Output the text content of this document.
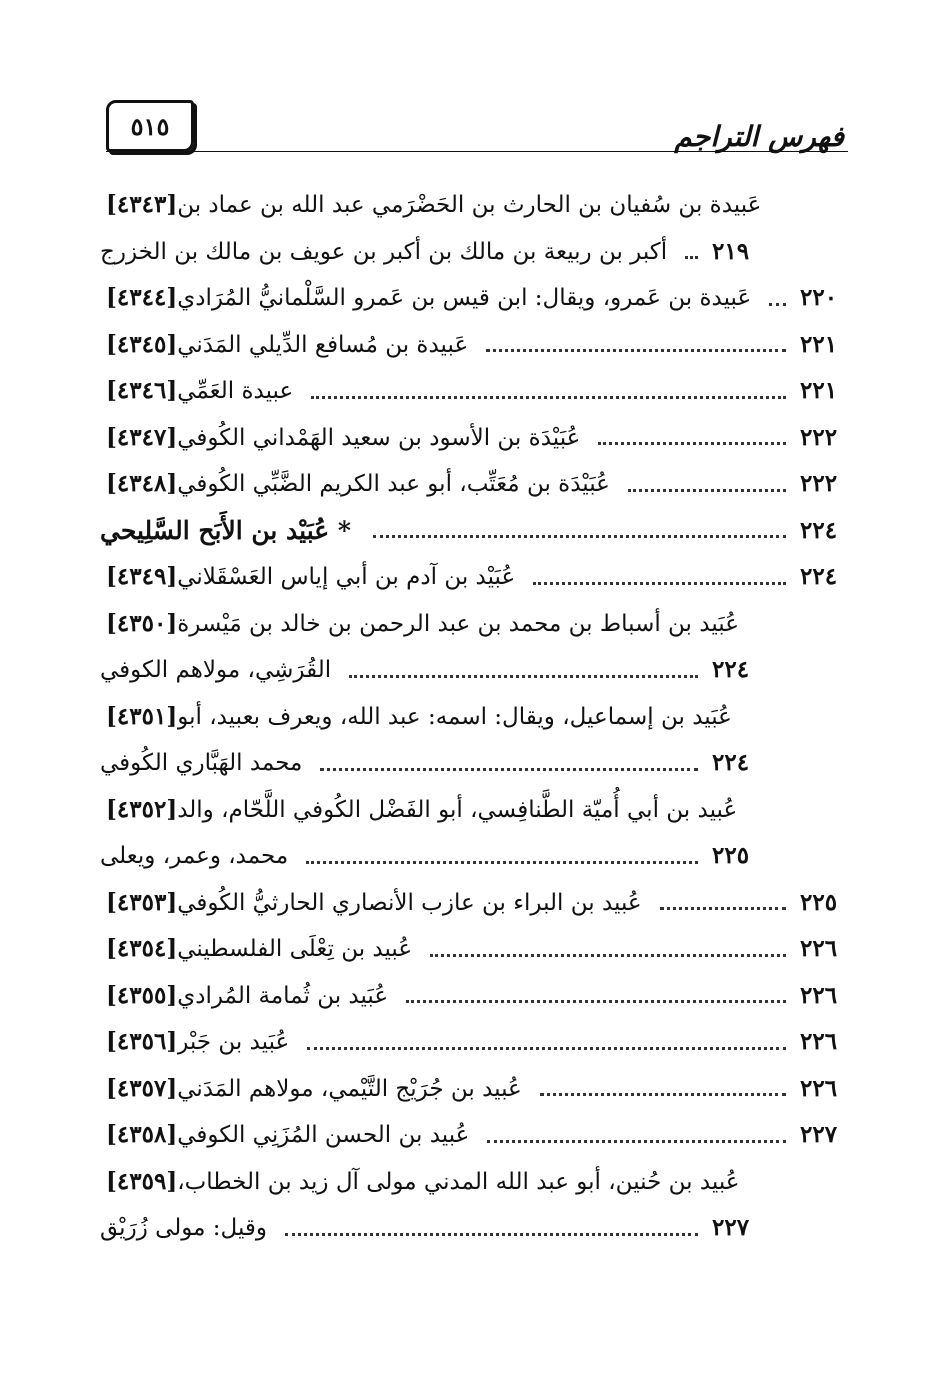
فهرس التراجم
٥١٥
[٤٣٤٣] عَبيدة بن سُفيان بن الحارث بن الحَضْرَمي عبد الله بن عماد بن
أكبر بن ربيعة بن مالك بن أكبر بن عويف بن مالك بن الخزرج ٢١٩
[٤٣٤٤] عَبيدة بن عَمرو، ويقال: ابن قيس بن عَمرو السَّلْمانيُّ المُرَادي ٢٢٠
[٤٣٤٥] عَبيدة بن مُسافع الدِّيلي المَدَني	٢٢١
[٤٣٤٦] عبيدة العَمِّي	٢٢١
[٤٣٤٧] عُبَيْدَة بن الأسود بن سعيد الهَمْداني الكُوفي	٢٢٢
[٤٣٤٨] عُبَيْدَة بن مُعَتِّب، أبو عبد الكريم الضَّبِّي الكُوفي	٢٢٢
* عُبَيْد بن الأَبَح السَّلِيحي	٢٢٤
[٤٣٤٩] عُبَيْد بن آدم بن أبي إياس العَسْقَلاني	٢٢٤
[٤٣٥٠] عُبَيد بن أسباط بن محمد بن عبد الرحمن بن خالد بن مَيْسرة
القُرَشِي، مولاهم الكوفي	٢٢٤
[٤٣٥١] عُبَيد بن إسماعيل، ويقال: اسمه: عبد الله، ويعرف بعبيد، أبو
محمد الهَبَّاري الكُوفي	٢٢٤
[٤٣٥٢] عُبيد بن أبي أُميّة الطَّنافِسي، أبو الفَضْل الكُوفي اللَّحّام، والد
محمد، وعمر، ويعلى	٢٢٥
[٤٣٥٣] عُبيد بن البراء بن عازب الأنصاري الحارثيُّ الكُوفي	٢٢٥
[٤٣٥٤] عُبيد بن تِعْلَى الفلسطيني	٢٢٦
[٤٣٥٥] عُبَيد بن ثُمامة المُرادي	٢٢٦
[٤٣٥٦] عُبَيد بن جَبْر	٢٢٦
[٤٣٥٧] عُبيد بن جُرَيْج التَّيْمي، مولاهم المَدَني	٢٢٦
[٤٣٥٨] عُبيد بن الحسن المُزَنِي الكوفي	٢٢٧
[٤٣٥٩] عُبيد بن حُنين، أبو عبد الله المدني مولى آل زيد بن الخطاب،
وقيل: مولى زُرَيْق	٢٢٧
